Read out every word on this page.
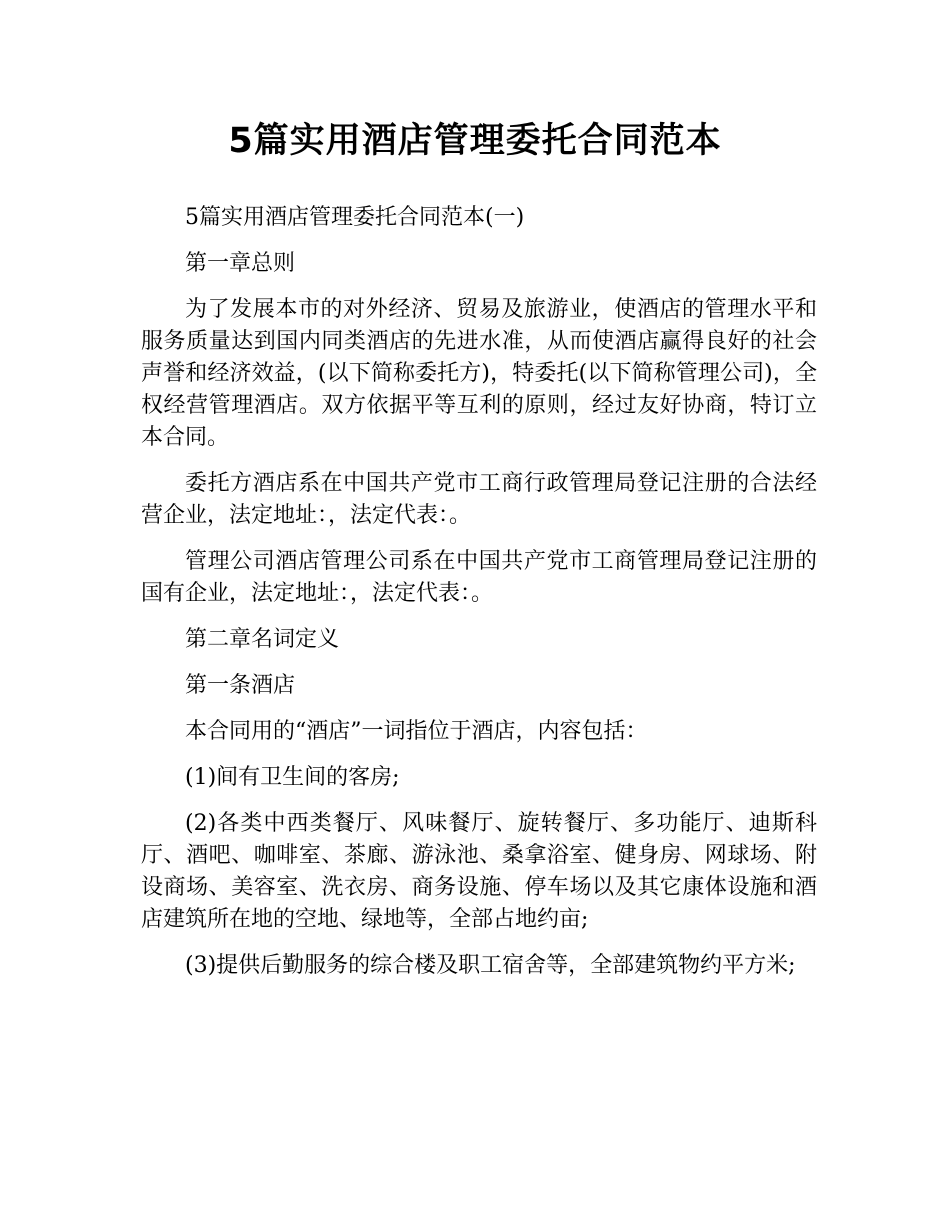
5篇实用酒店管理委托合同范本

5篇实用酒店管理委托合同范本(一)

第一章总则

为了发展本市的对外经济、贸易及旅游业，使酒店的管理水平和服务质量达到国内同类酒店的先进水准，从而使酒店赢得良好的社会声誉和经济效益，(以下简称委托方)，特委托(以下简称管理公司)，全权经营管理酒店。双方依据平等互利的原则，经过友好协商，特订立本合同。

委托方酒店系在中国共产党市工商行政管理局登记注册的合法经营企业，法定地址：，法定代表：。

管理公司酒店管理公司系在中国共产党市工商管理局登记注册的国有企业，法定地址：，法定代表：。

第二章名词定义

第一条酒店

本合同用的“酒店”一词指位于酒店，内容包括：

(1)间有卫生间的客房;

(2)各类中西类餐厅、风味餐厅、旋转餐厅、多功能厅、迪斯科厅、酒吧、咖啡室、茶廊、游泳池、桑拿浴室、健身房、网球场、附设商场、美容室、洗衣房、商务设施、停车场以及其它康体设施和酒店建筑所在地的空地、绿地等，全部占地约亩;

(3)提供后勤服务的综合楼及职工宿舍等，全部建筑物约平方米;
